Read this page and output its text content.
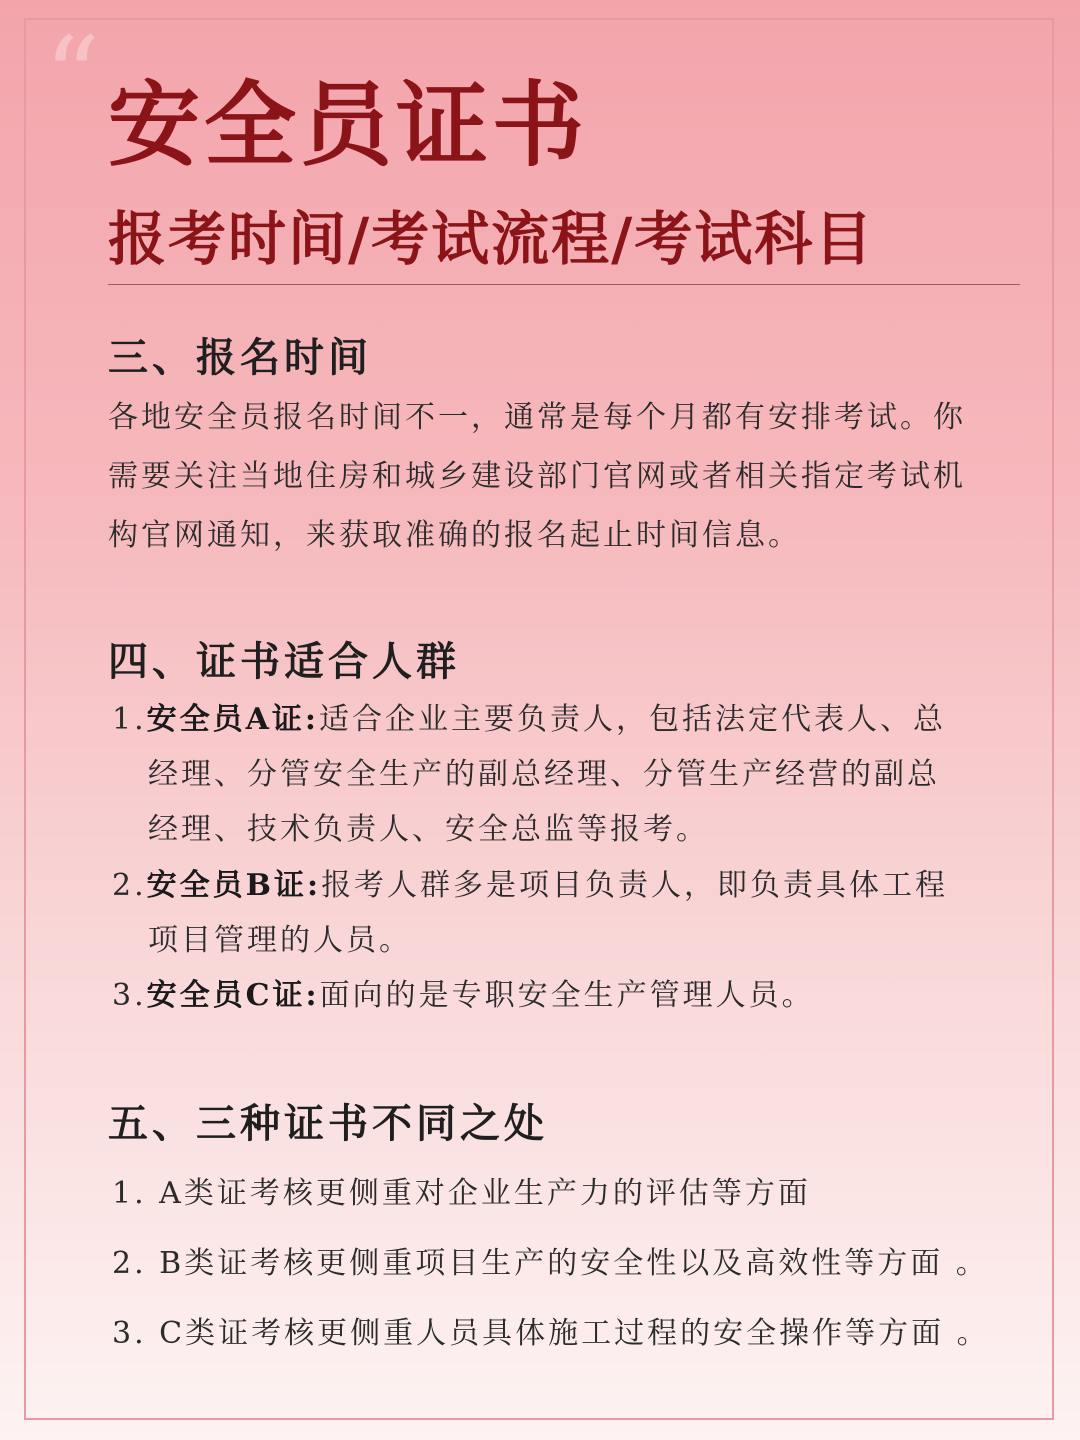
“ 安全员证书
报考时间/考试流程/考试科目
三、报名时间

各地安全员报名时间不一，通常是每个月都有安排考试。你

需要关注当地住房和城乡建设部门官网或者相关指定考试机

构官网通知，来获取准确的报名起止时间信息。

四、证书适合人群
1.安全员A证:适合企业主要负责人，包括法定代表人、总
经理、分管安全生产的副总经理、分管生产经营的副总
经理、技术负责人、安全总监等报考。
2.安全员B证:报考人群多是项目负责人，即负责具体工程
项目管理的人员。
3.安全员C证:面向的是专职安全生产管理人员。
五、三种证书不同之处
1. A类证考核更侧重对企业生产力的评估等方面
2. B类证考核更侧重项目生产的安全性以及高效性等方面 。
3. C类证考核更侧重人员具体施工过程的安全操作等方面 。
